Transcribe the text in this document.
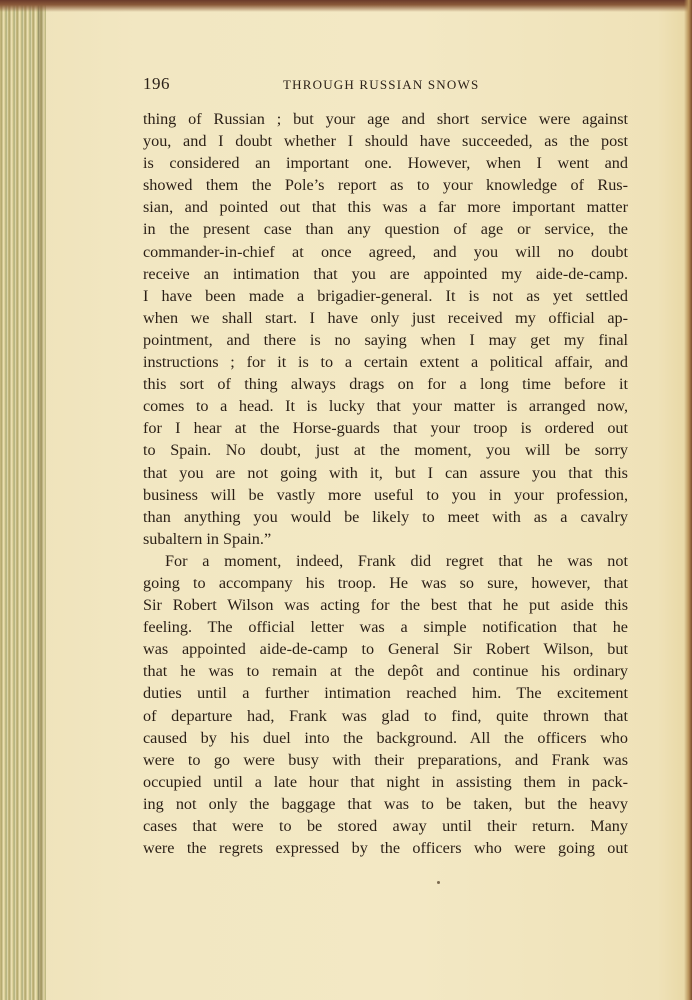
196	THROUGH RUSSIAN SNOWS
thing of Russian ; but your age and short service were against
you, and I doubt whether I should have succeeded, as the post
is considered an important one. However, when I went and
showed them the Pole’s report as to your knowledge of Rus-
sian, and pointed out that this was a far more important matter
in the present case than any question of age or service, the
commander-in-chief at once agreed, and you will no doubt
receive an intimation that you are appointed my aide-de-camp.
I have been made a brigadier-general. It is not as yet settled
when we shall start. I have only just received my official ap-
pointment, and there is no saying when I may get my final
instructions ; for it is to a certain extent a political affair, and
this sort of thing always drags on for a long time before it
comes to a head. It is lucky that your matter is arranged now,
for I hear at the Horse-guards that your troop is ordered out
to Spain. No doubt, just at the moment, you will be sorry
that you are not going with it, but I can assure you that this
business will be vastly more useful to you in your profession,
than anything you would be likely to meet with as a cavalry
subaltern in Spain.”
For a moment, indeed, Frank did regret that he was not
going to accompany his troop. He was so sure, however, that
Sir Robert Wilson was acting for the best that he put aside this
feeling. The official letter was a simple notification that he
was appointed aide-de-camp to General Sir Robert Wilson, but
that he was to remain at the depôt and continue his ordinary
duties until a further intimation reached him. The excitement
of departure had, Frank was glad to find, quite thrown that
caused by his duel into the background. All the officers who
were to go were busy with their preparations, and Frank was
occupied until a late hour that night in assisting them in pack-
ing not only the baggage that was to be taken, but the heavy
cases that were to be stored away until their return. Many
were the regrets expressed by the officers who were going out
